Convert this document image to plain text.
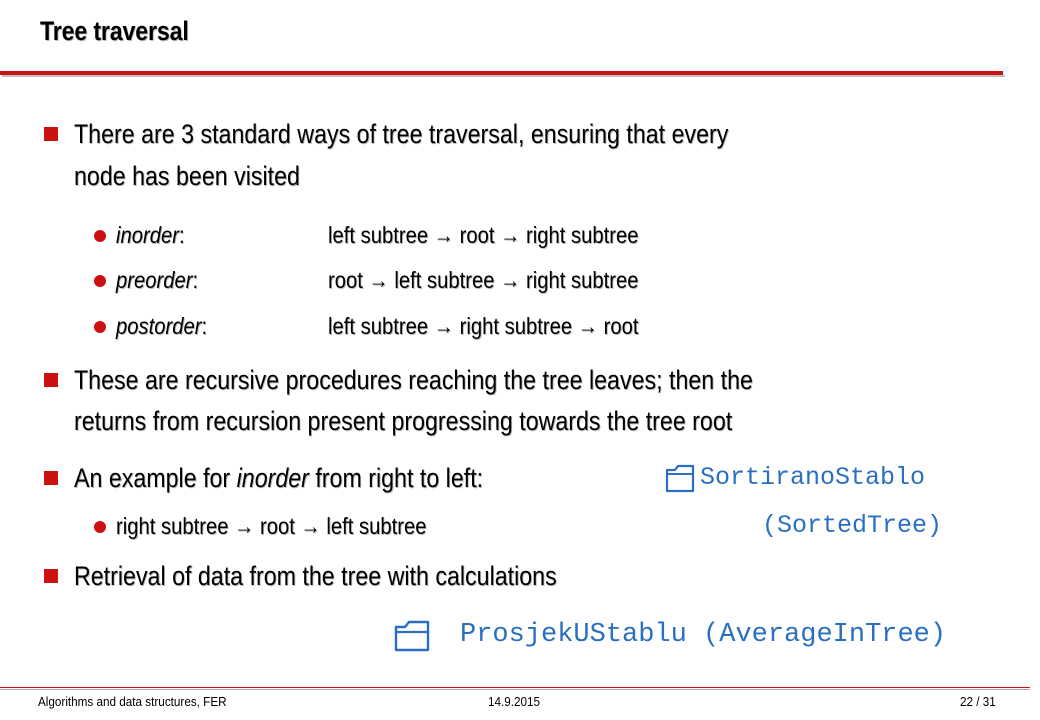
Tree traversal
There are 3 standard ways of tree traversal, ensuring that every
node has been visited
inorder:	left subtree → root → right subtree
preorder:	root → left subtree → right subtree
postorder:	left subtree → right subtree → root
These are recursive procedures reaching the tree leaves; then the
returns from recursion present progressing towards the tree root
An example for inorder from right to left:	SortiranoStablo
right subtree → root → left subtree	(SortedTree)
Retrieval of data from the tree with calculations
ProsjekUStablu (AverageInTree)
Algorithms and data structures, FER	14.9.2015	22 / 31
